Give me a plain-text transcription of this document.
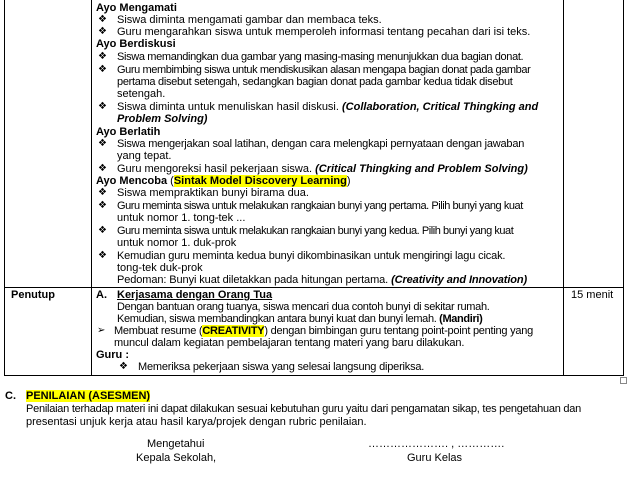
Ayo Mengamati
❖ Siswa diminta mengamati gambar dan membaca teks.
❖ Guru mengarahkan siswa untuk memperoleh informasi tentang pecahan dari isi teks.
Ayo Berdiskusi
❖ Siswa memandingkan dua gambar yang masing-masing menunjukkan dua bagian donat.
❖ Guru membimbing siswa untuk mendiskusikan alasan mengapa bagian donat pada gambar
pertama disebut setengah, sedangkan bagian donat pada gambar kedua tidak disebut
setengah.
❖ Siswa diminta untuk menuliskan hasil diskusi. (Collaboration, Critical Thingking and
Problem Solving)
Ayo Berlatih
❖ Siswa mengerjakan soal latihan, dengan cara melengkapi pernyataan dengan jawaban
yang tepat.
❖ Guru mengoreksi hasil pekerjaan siswa. (Critical Thingking and Problem Solving)
Ayo Mencoba (Sintak Model Discovery Learning)
❖ Siswa mempraktikan bunyi birama dua.
❖ Guru meminta siswa untuk melakukan rangkaian bunyi yang pertama. Pilih bunyi yang kuat
untuk nomor 1. tong-tek ...
❖ Guru meminta siswa untuk melakukan rangkaian bunyi yang kedua. Pilih bunyi yang kuat
untuk nomor 1. duk-prok
❖ Kemudian guru meminta kedua bunyi dikombinasikan untuk mengiringi lagu cicak.
tong-tek duk-prok
Pedoman: Bunyi kuat diletakkan pada hitungan pertama. (Creativity and Innovation)
Penutup	15 menit
A. Kerjasama dengan Orang Tua
Dengan bantuan orang tuanya, siswa mencari dua contoh bunyi di sekitar rumah.
Kemudian, siswa membandingkan antara bunyi kuat dan bunyi lemah. (Mandiri)
➢ Membuat resume (CREATIVITY) dengan bimbingan guru tentang point-point penting yang
muncul dalam kegiatan pembelajaran tentang materi yang baru dilakukan.
Guru :
❖ Memeriksa pekerjaan siswa yang selesai langsung diperiksa.
C. PENILAIAN (ASESMEN)
Penilaian terhadap materi ini dapat dilakukan sesuai kebutuhan guru yaitu dari pengamatan sikap, tes pengetahuan dan
presentasi unjuk kerja atau hasil karya/projek dengan rubric penilaian.
Mengetahui
Kepala Sekolah,
…………………. , ………….
Guru Kelas
